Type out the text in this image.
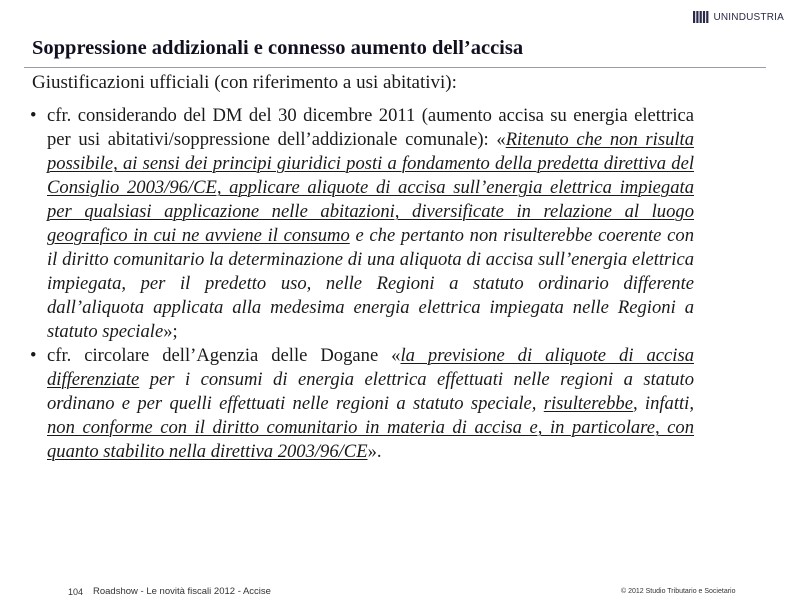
UNINDUSTRIA
Soppressione addizionali e connesso aumento dell’accisa
Giustificazioni ufficiali (con riferimento a usi abitativi):
• cfr. considerando del DM del 30 dicembre 2011 (aumento accisa su energia elettrica per usi abitativi/soppressione dell’addizionale comunale): «Ritenuto che non risulta possibile, ai sensi dei principi giuridici posti a fondamento della predetta direttiva del Consiglio 2003/96/CE, applicare aliquote di accisa sull’energia elettrica impiegata per qualsiasi applicazione nelle abitazioni, diversificate in relazione al luogo geografico in cui ne avviene il consumo e che pertanto non risulterebbe coerente con il diritto comunitario la determinazione di una aliquota di accisa sull’energia elettrica impiegata, per il predetto uso, nelle Regioni a statuto ordinario differente dall’aliquota applicata alla medesima energia elettrica impiegata nelle Regioni a statuto speciale»;
• cfr. circolare dell’Agenzia delle Dogane «la previsione di aliquote di accisa differenziate per i consumi di energia elettrica effettuati nelle regioni a statuto ordinano e per quelli effettuati nelle regioni a statuto speciale, risulterebbe, infatti, non conforme con il diritto comunitario in materia di accisa e, in particolare, con quanto stabilito nella direttiva 2003/96/CE».
104 Roadshow - Le novità fiscali 2012 - Accise	© 2012 Studio Tributario e Societario
